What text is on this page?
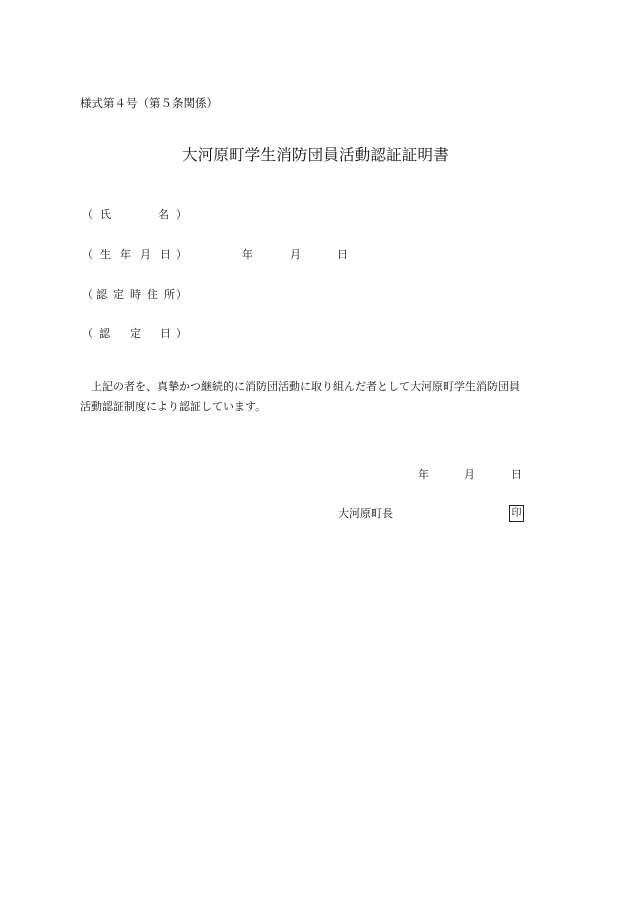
様式第４号（第５条関係）
大河原町学生消防団員活動認証証明書
（ 氏	名 ）
（ 生 年 月 日 ）	年	月	日
（ 認 定 時 住 所 ）
（ 認 定 日 ）

　上記の者を、真摯かつ継続的に消防団活動に取り組んだ者として大河原町学生消防団員

活動認証制度により認証しています。

年	月	日
大河原町長	印
